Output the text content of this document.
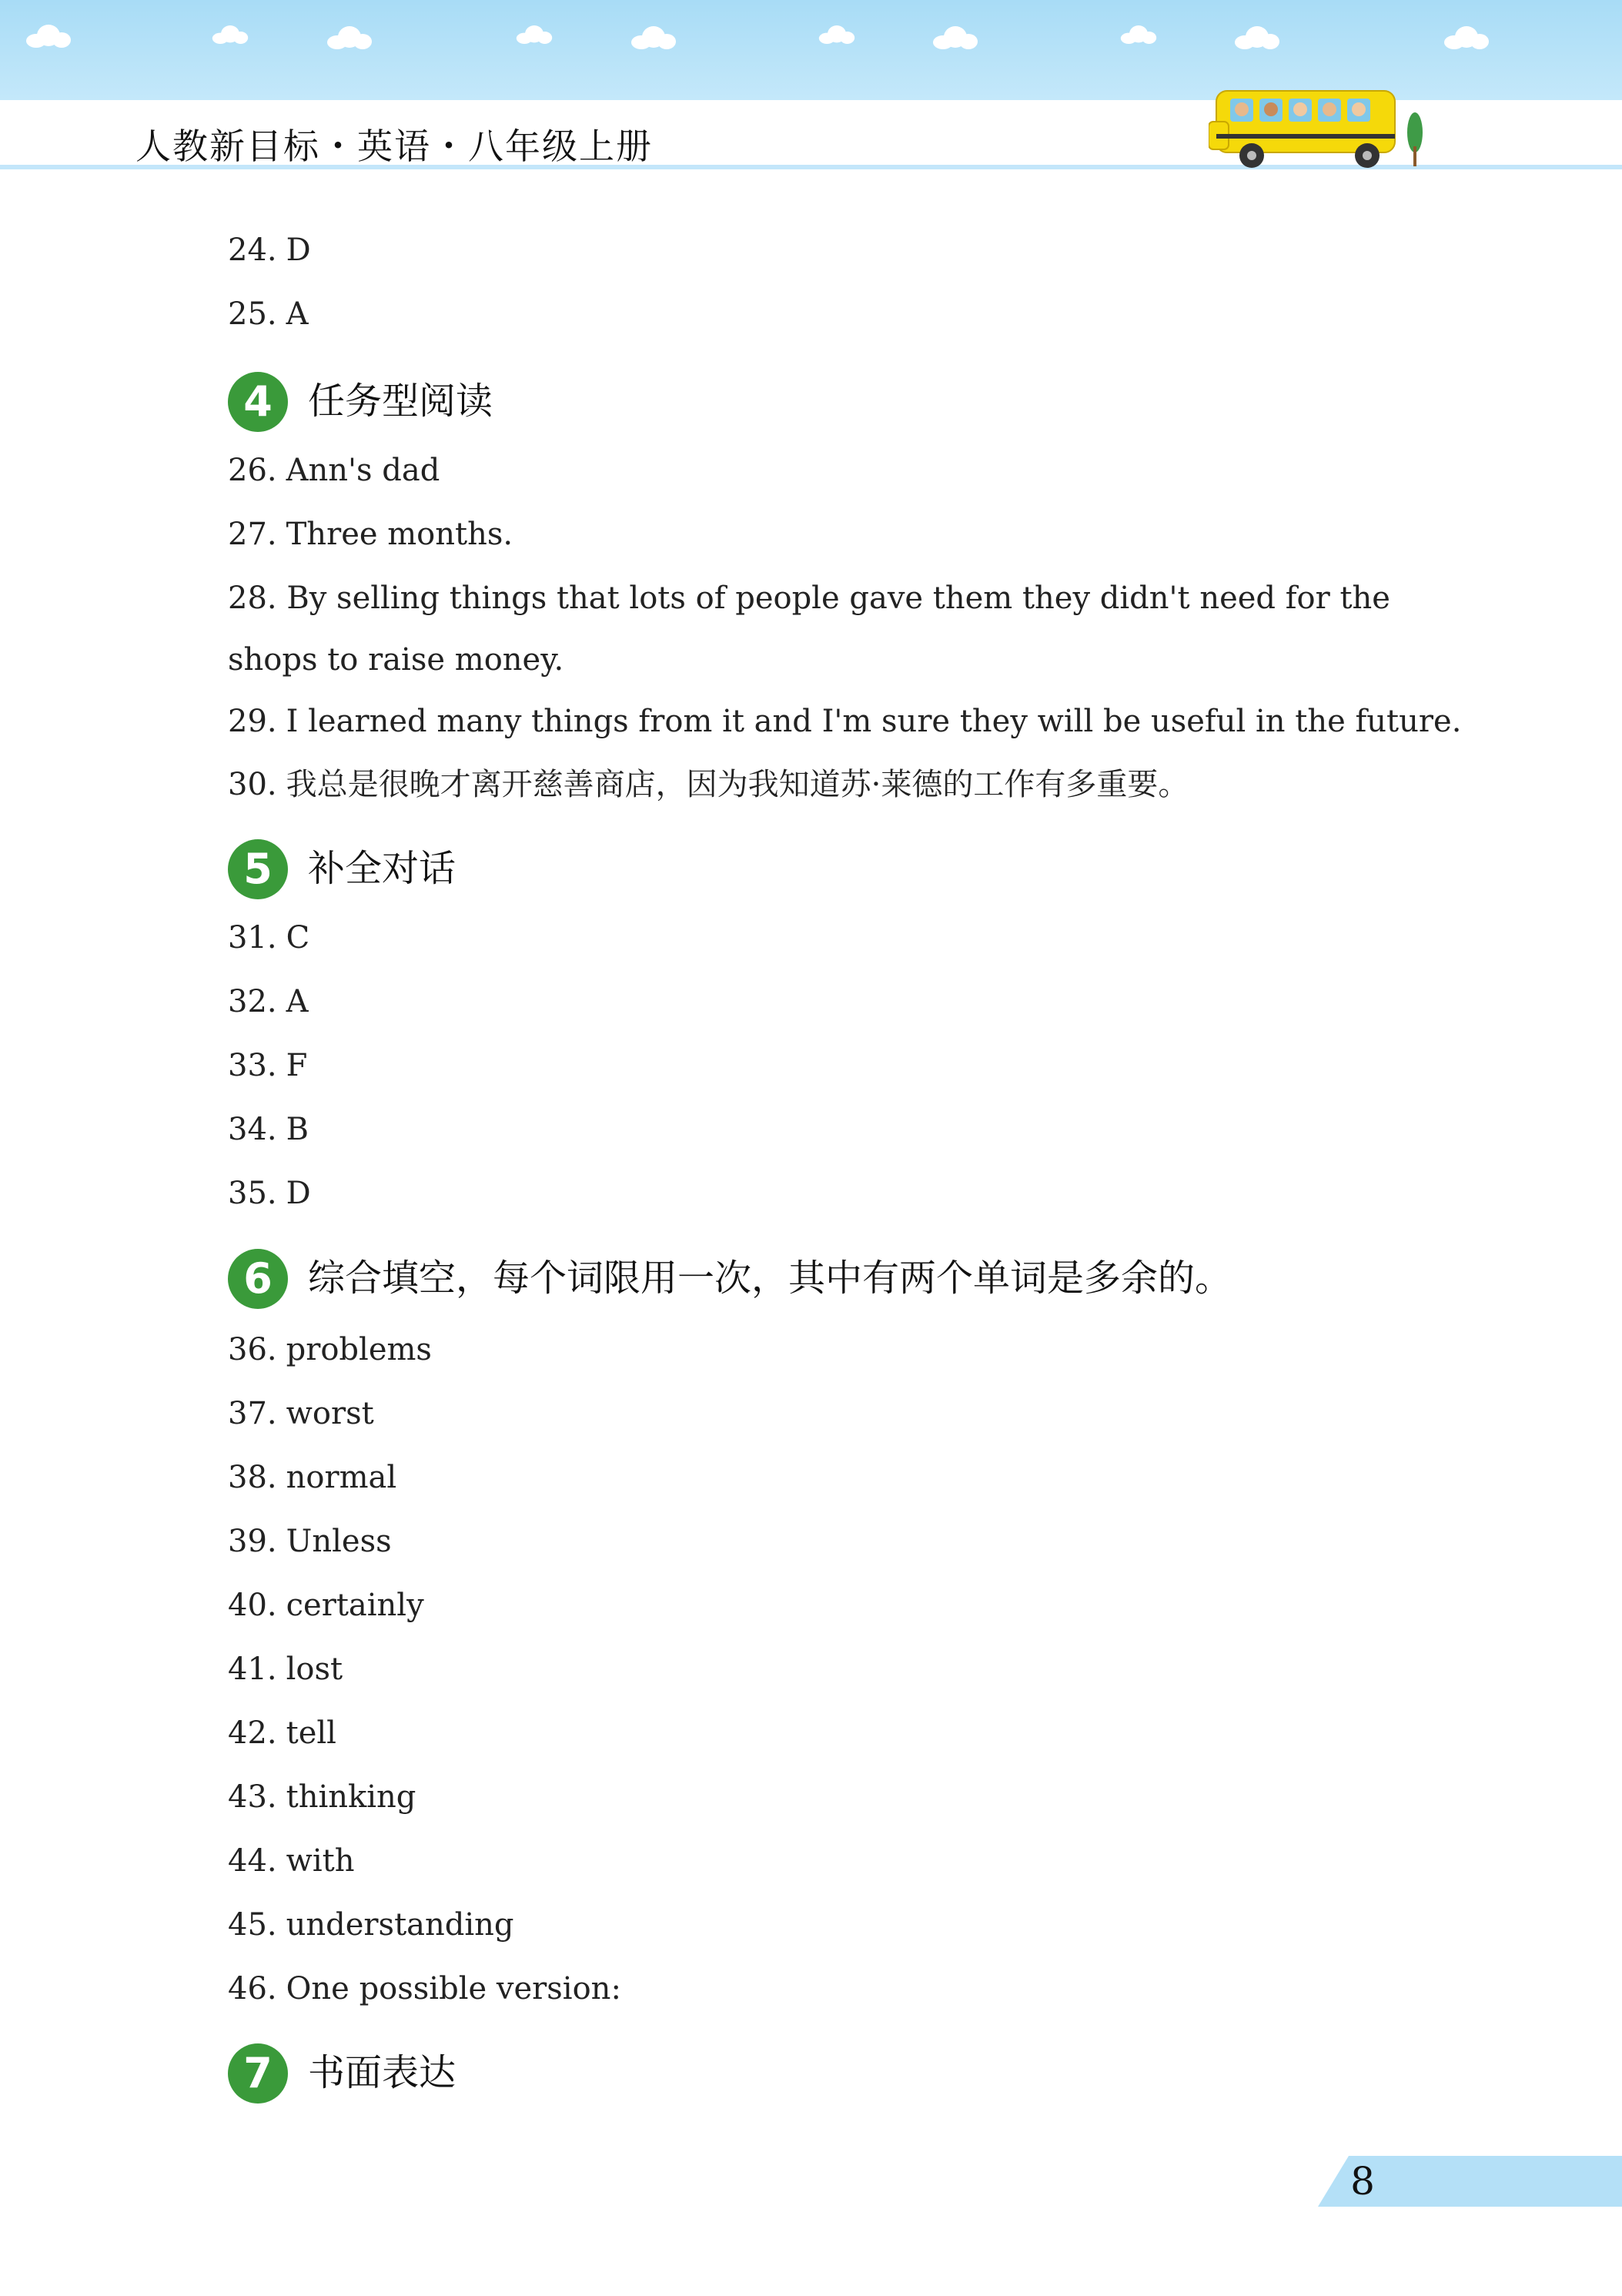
人教新目标・英语・八年级上册
24. D
25. A
4 任务型阅读
26. Ann's dad
27. Three months.
28. By selling things that lots of people gave them they didn't need for the shops to raise money.
29. I learned many things from it and I'm sure they will be useful in the future.
30. 我总是很晚才离开慈善商店，因为我知道苏·莱德的工作有多重要。
5 补全对话
31. C
32. A
33. F
34. B
35. D
6 综合填空，每个词限用一次，其中有两个单词是多余的。
36. problems
37. worst
38. normal
39. Unless
40. certainly
41. lost
42. tell
43. thinking
44. with
45. understanding
46. One possible version:
7 书面表达
8
